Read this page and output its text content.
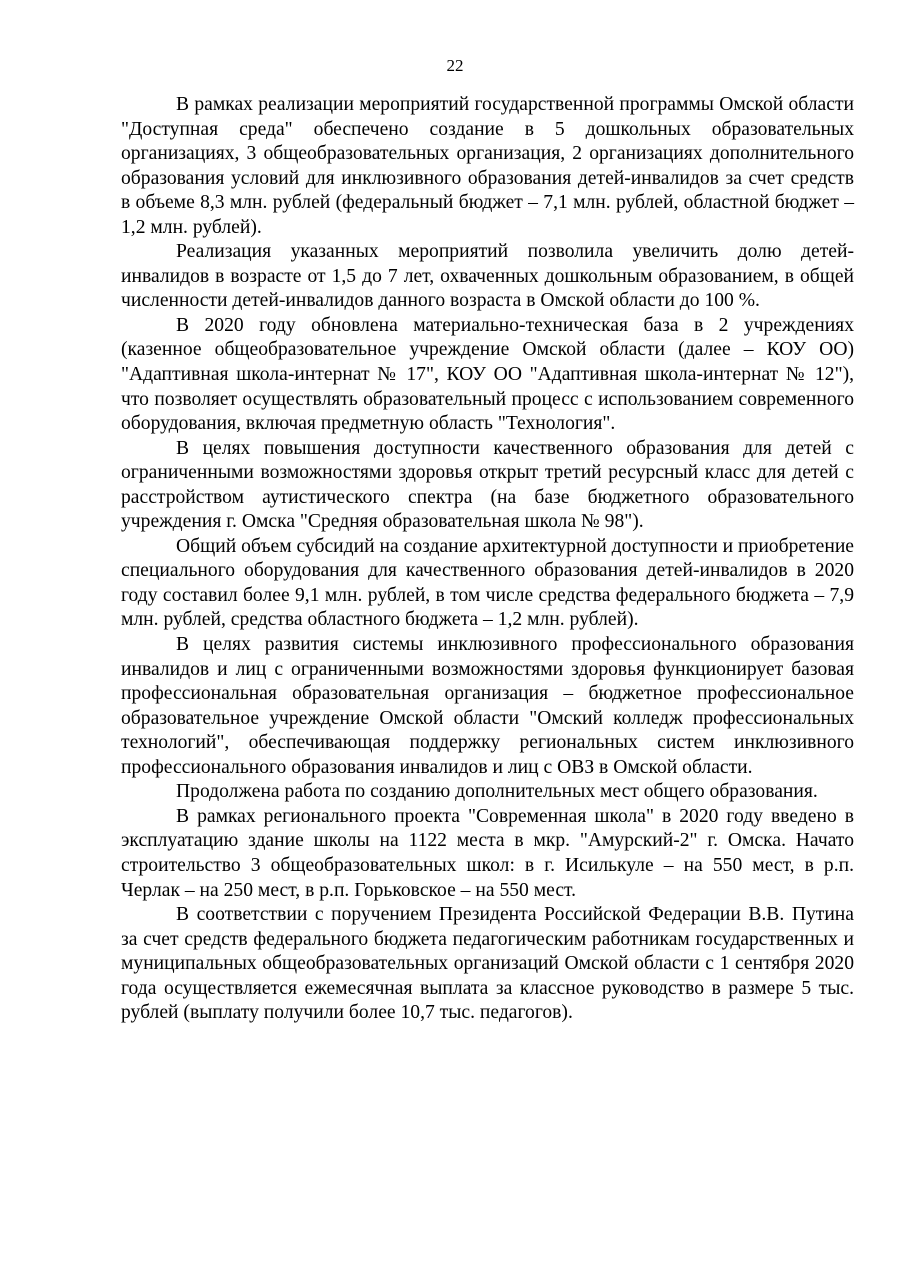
22

В рамках реализации мероприятий государственной программы Омской области "Доступная среда" обеспечено создание в 5 дошкольных образовательных организациях, 3 общеобразовательных организация, 2 организациях дополнительного образования условий для инклюзивного образования детей-инвалидов за счет средств в объеме 8,3 млн. рублей (федеральный бюджет – 7,1 млн. рублей, областной бюджет – 1,2 млн. рублей).

Реализация указанных мероприятий позволила увеличить долю детей-инвалидов в возрасте от 1,5 до 7 лет, охваченных дошкольным образованием, в общей численности детей-инвалидов данного возраста в Омской области до 100 %.

В 2020 году обновлена материально-техническая база в 2 учреждениях (казенное общеобразовательное учреждение Омской области (далее – КОУ ОО) "Адаптивная школа-интернат № 17", КОУ ОО "Адаптивная школа-интернат № 12"), что позволяет осуществлять образовательный процесс с использованием современного оборудования, включая предметную область "Технология".

В целях повышения доступности качественного образования для детей с ограниченными возможностями здоровья открыт третий ресурсный класс для детей с расстройством аутистического спектра (на базе бюджетного образовательного учреждения г. Омска "Средняя образовательная школа № 98").

Общий объем субсидий на создание архитектурной доступности и приобретение специального оборудования для качественного образования детей-инвалидов в 2020 году составил более 9,1 млн. рублей, в том числе средства федерального бюджета – 7,9 млн. рублей, средства областного бюджета – 1,2 млн. рублей).

В целях развития системы инклюзивного профессионального образования инвалидов и лиц с ограниченными возможностями здоровья функционирует базовая профессиональная образовательная организация – бюджетное профессиональное образовательное учреждение Омской области "Омский колледж профессиональных технологий", обеспечивающая поддержку региональных систем инклюзивного профессионального образования инвалидов и лиц с ОВЗ в Омской области.

Продолжена работа по созданию дополнительных мест общего образования.

В рамках регионального проекта "Современная школа" в 2020 году введено в эксплуатацию здание школы на 1122 места в мкр. "Амурский-2" г. Омска. Начато строительство 3 общеобразовательных школ: в г. Исилькуле – на 550 мест, в р.п. Черлак – на 250 мест, в р.п. Горьковское – на 550 мест.

В соответствии с поручением Президента Российской Федерации В.В. Путина за счет средств федерального бюджета педагогическим работникам государственных и муниципальных общеобразовательных организаций Омской области с 1 сентября 2020 года осуществляется ежемесячная выплата за классное руководство в размере 5 тыс. рублей (выплату получили более 10,7 тыс. педагогов).
